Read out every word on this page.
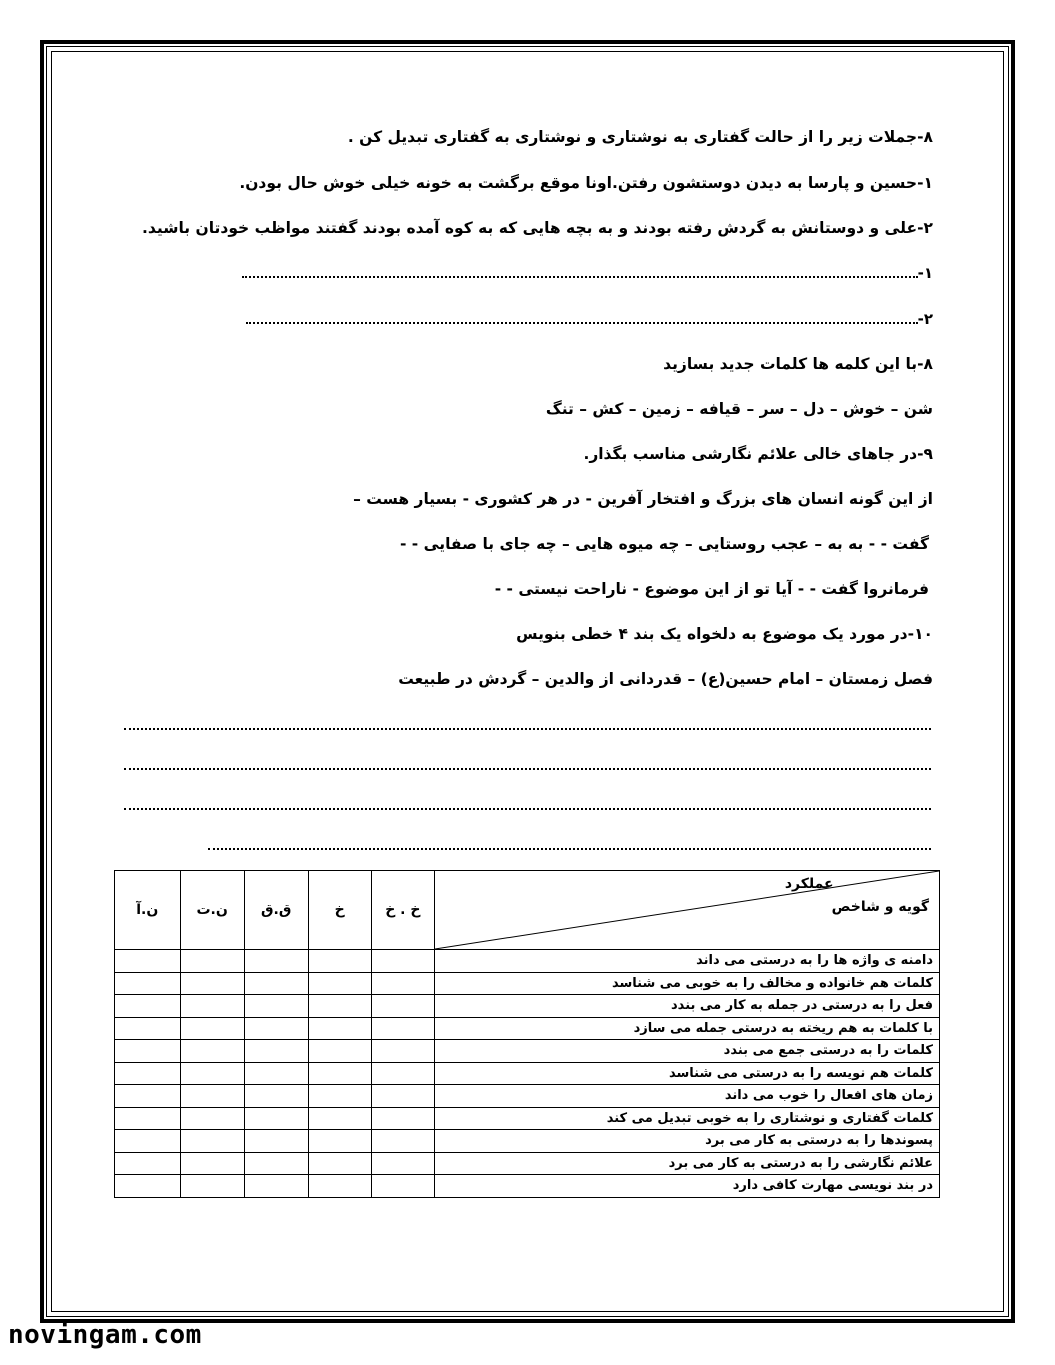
۸-جملات زیر را از حالت گفتاری به نوشتاری و نوشتاری به گفتاری تبدیل کن .
۱-حسین و پارسا به دیدن دوستشون رفتن.اونا موقع برگشت به خونه خیلی خوش حال بودن.
۲-علی و دوستانش به گردش رفته بودند و به بچه هایی که به کوه آمده بودند گفتند مواظب خودتان باشید.
۱-
۲-
۸-با این کلمه ها کلمات جدید بسازید
شن – خوش – دل – سر – قیافه – زمین – کش – تنگ
۹-در جاهای خالی علائم نگارشی مناسب بگذار.
از این گونه انسان های بزرگ و افتخار آفرین - در هر کشوری - بسیار هست –
گفت - - به به – عجب روستایی – چه میوه هایی – چه جای با صفایی - -
فرمانروا گفت - - آیا تو از این موضوع - ناراحت نیستی - -
۱۰-در مورد یک موضوع به دلخواه یک بند ۴ خطی بنویس
فصل زمستان – امام حسین(ع) – قدردانی از والدین – گردش در طبیعت
عملکرد
گویه و شاخص	خ . خ	خ	ق.ق	ن.ت	ن.آ
دامنه ی واژه ها را به درستی می داند					
کلمات هم خانواده و مخالف را به خوبی می شناسد					
فعل را به درستی در جمله به کار می بندد					
با کلمات به هم ریخته به درستی جمله می سازد					
کلمات را به درستی جمع می بندد					
کلمات هم نویسه را به درستی می شناسد					
زمان های افعال را خوب می داند					
کلمات گفتاری و نوشتاری را به خوبی تبدیل می کند					
پسوندها را به درستی به کار می برد					
علائم نگارشی را به درستی به کار می برد					
در بند نویسی مهارت کافی دارد					
novingam.com
